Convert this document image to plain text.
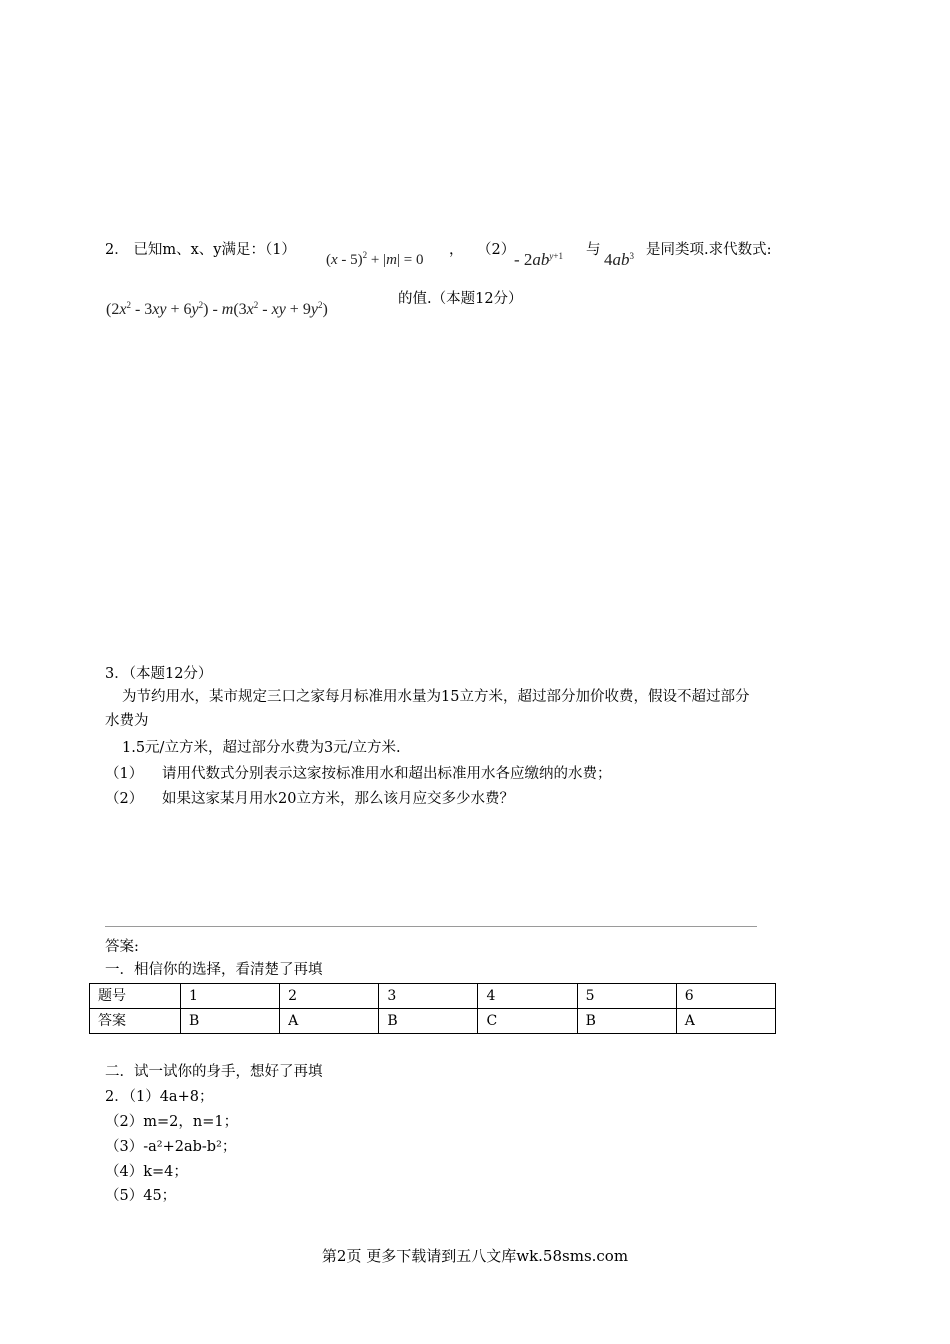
2． 已知m、x、y满足：（1）
(x - 5)$^2$ + |m| = 0
， （2）
- $2ab^{y+1}$ 与 $4ab^3$ 是同类项.求代数式:
$(2x^2 - 3xy + 6y^2) - m(3x^2$ - xy + $9y^2$)
的值.（本题12分）
3．（本题12分）
为节约用水，某市规定三口之家每月标准用水量为15立方米，超过部分加价收费，假设不超过部分
水费为
1.5元/立方米，超过部分水费为3元/立方米.
（1） 请用代数式分别表示这家按标准用水和超出标准用水各应缴纳的水费；
（2） 如果这家某月用水20立方米，那么该月应交多少水费？
答案:
一．相信你的选择，看清楚了再填
题号	1	2	3	4	5	6
答案	B	A	B	C	B	A
二．试一试你的身手，想好了再填
2．（1）4a+8；
（2）m=2，n=1；
（3）-a²+2ab-b²；
（4）k=4；
（5）45；
第2页 更多下载请到五八文库wk.58sms.com
